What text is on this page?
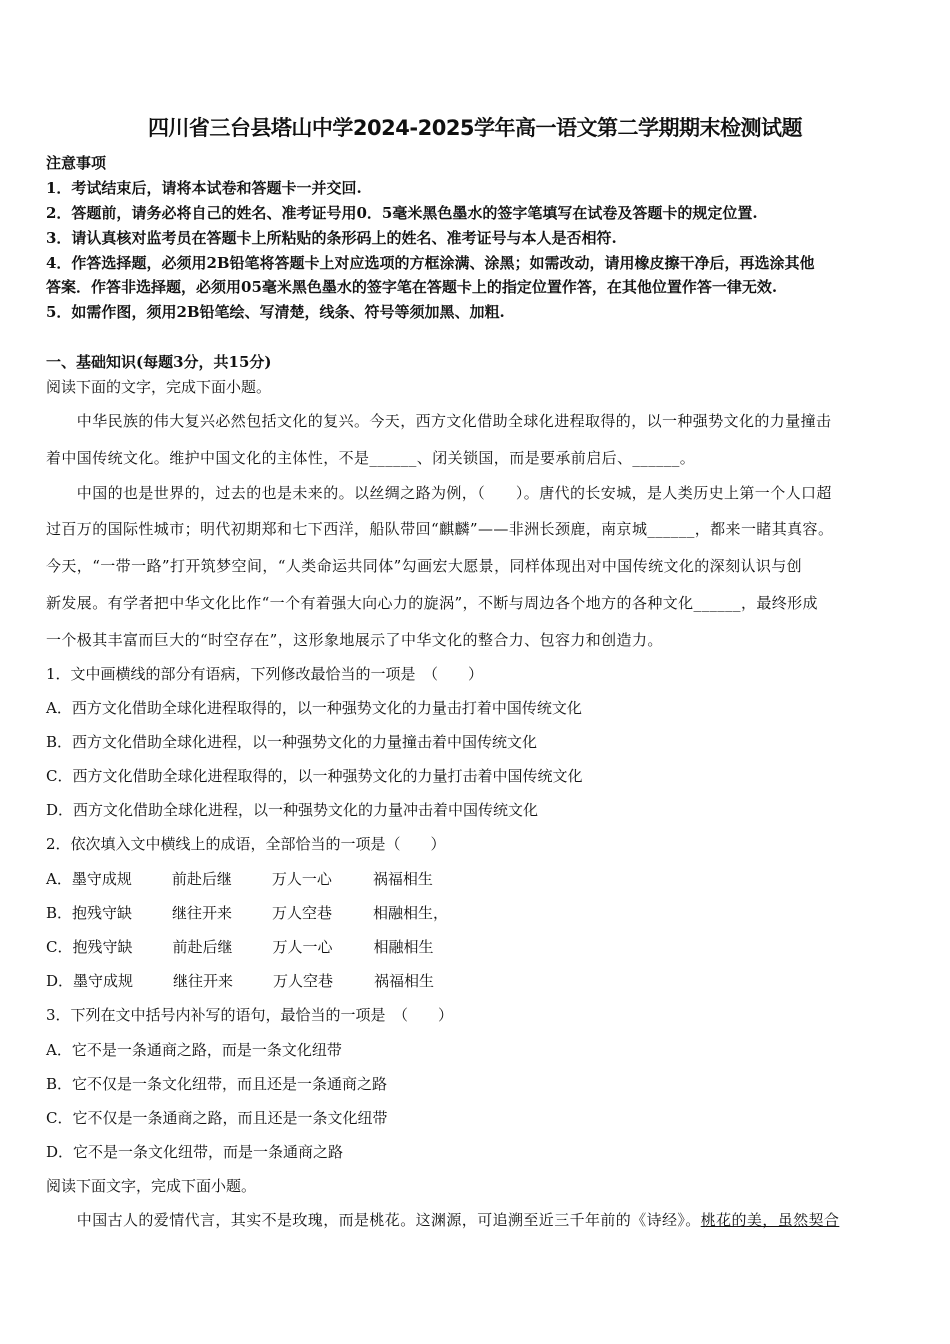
四川省三台县塔山中学2024-2025学年高一语文第二学期期末检测试题
注意事项
1．考试结束后，请将本试卷和答题卡一并交回.
2．答题前，请务必将自己的姓名、准考证号用0．5毫米黑色墨水的签字笔填写在试卷及答题卡的规定位置.
3．请认真核对监考员在答题卡上所粘贴的条形码上的姓名、准考证号与本人是否相符.
4．作答选择题，必须用2B铅笔将答题卡上对应选项的方框涂满、涂黑；如需改动，请用橡皮擦干净后，再选涂其他
答案．作答非选择题，必须用05毫米黑色墨水的签字笔在答题卡上的指定位置作答，在其他位置作答一律无效.
5．如需作图，须用2B铅笔绘、写清楚，线条、符号等须加黑、加粗.
一、基础知识(每题3分，共15分)
阅读下面的文字，完成下面小题。
　　中华民族的伟大复兴必然包括文化的复兴。今天，西方文化借助全球化进程取得的，以一种强势文化的力量撞击
着中国传统文化。维护中国文化的主体性，不是______、闭关锁国，而是要承前启后、______。
　　中国的也是世界的，过去的也是未来的。以丝绸之路为例，（　　）。唐代的长安城，是人类历史上第一个人口超
过百万的国际性城市；明代初期郑和七下西洋，船队带回“麒麟”——非洲长颈鹿，南京城______，都来一睹其真容。
今天，“一带一路”打开筑梦空间，“人类命运共同体”勾画宏大愿景，同样体现出对中国传统文化的深刻认识与创
新发展。有学者把中华文化比作“一个有着强大向心力的旋涡”，不断与周边各个地方的各种文化______，最终形成
一个极其丰富而巨大的“时空存在”，这形象地展示了中华文化的整合力、包容力和创造力。
1．文中画横线的部分有语病，下列修改最恰当的一项是　（　　）
A．西方文化借助全球化进程取得的，以一种强势文化的力量击打着中国传统文化
B．西方文化借助全球化进程，以一种强势文化的力量撞击着中国传统文化
C．西方文化借助全球化进程取得的，以一种强势文化的力量打击着中国传统文化
D．西方文化借助全球化进程，以一种强势文化的力量冲击着中国传统文化
2．依次填入文中横线上的成语，全部恰当的一项是（　　）
A．墨守成规	前赴后继	万人一心	祸福相生
B．抱残守缺	继往开来	万人空巷	相融相生，
C．抱残守缺	前赴后继	万人一心	相融相生
D．墨守成规	继往开来	万人空巷	祸福相生
3．下列在文中括号内补写的语句，最恰当的一项是　（　　）
A．它不是一条通商之路，而是一条文化纽带
B．它不仅是一条文化纽带，而且还是一条通商之路
C．它不仅是一条通商之路，而且还是一条文化纽带
D．它不是一条文化纽带，而是一条通商之路
阅读下面文字，完成下面小题。
　　中国古人的爱情代言，其实不是玫瑰，而是桃花。这渊源，可追溯至近三千年前的《诗经》。桃花的美，虽然契合
